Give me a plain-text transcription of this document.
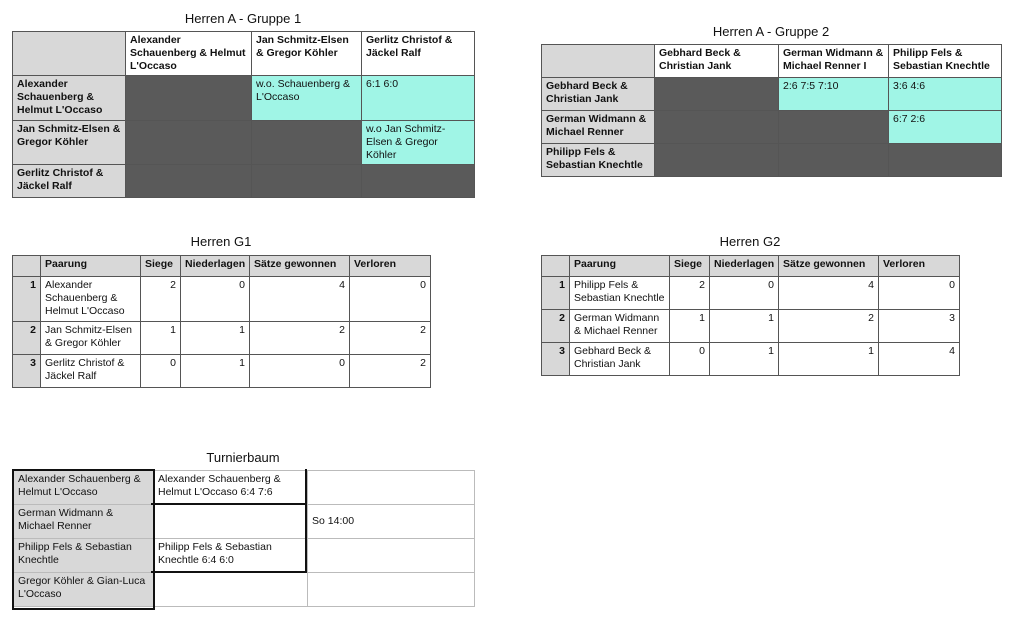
Herren A - Gruppe 1
	Alexander Schauenberg & Helmut L'Occaso	Jan Schmitz-Elsen & Gregor Köhler	Gerlitz Christof & Jäckel Ralf
Alexander Schauenberg & Helmut L'Occaso		w.o. Schauenberg & L'Occaso	6:1 6:0
Jan Schmitz-Elsen & Gregor Köhler			w.o Jan Schmitz-Elsen & Gregor Köhler
Gerlitz Christof & Jäckel Ralf			
Herren A - Gruppe 2
	Gebhard Beck & Christian Jank	German Widmann & Michael Renner I	Philipp Fels & Sebastian Knechtle
Gebhard Beck & Christian Jank		2:6 7:5 7:10	3:6 4:6
German Widmann & Michael Renner			6:7 2:6
Philipp Fels & Sebastian Knechtle			
Herren G1
	Paarung	Siege	Niederlagen	Sätze gewonnen	Verloren
1	Alexander Schauenberg & Helmut L'Occaso	2	0	4	0
2	Jan Schmitz-Elsen & Gregor Köhler	1	1	2	2
3	Gerlitz Christof & Jäckel Ralf	0	1	0	2
Herren G2
	Paarung	Siege	Niederlagen	Sätze gewonnen	Verloren
1	Philipp Fels & Sebastian Knechtle	2	0	4	0
2	German Widmann & Michael Renner	1	1	2	3
3	Gebhard Beck & Christian Jank	0	1	1	4
Turnierbaum
Alexander Schauenberg & Helmut L'Occaso	Alexander Schauenberg & Helmut L'Occaso 6:4 7:6	
German Widmann & Michael Renner		So 14:00
Philipp Fels & Sebastian Knechtle	Philipp Fels & Sebastian Knechtle 6:4 6:0	
Gregor Köhler & Gian-Luca L'Occaso		
